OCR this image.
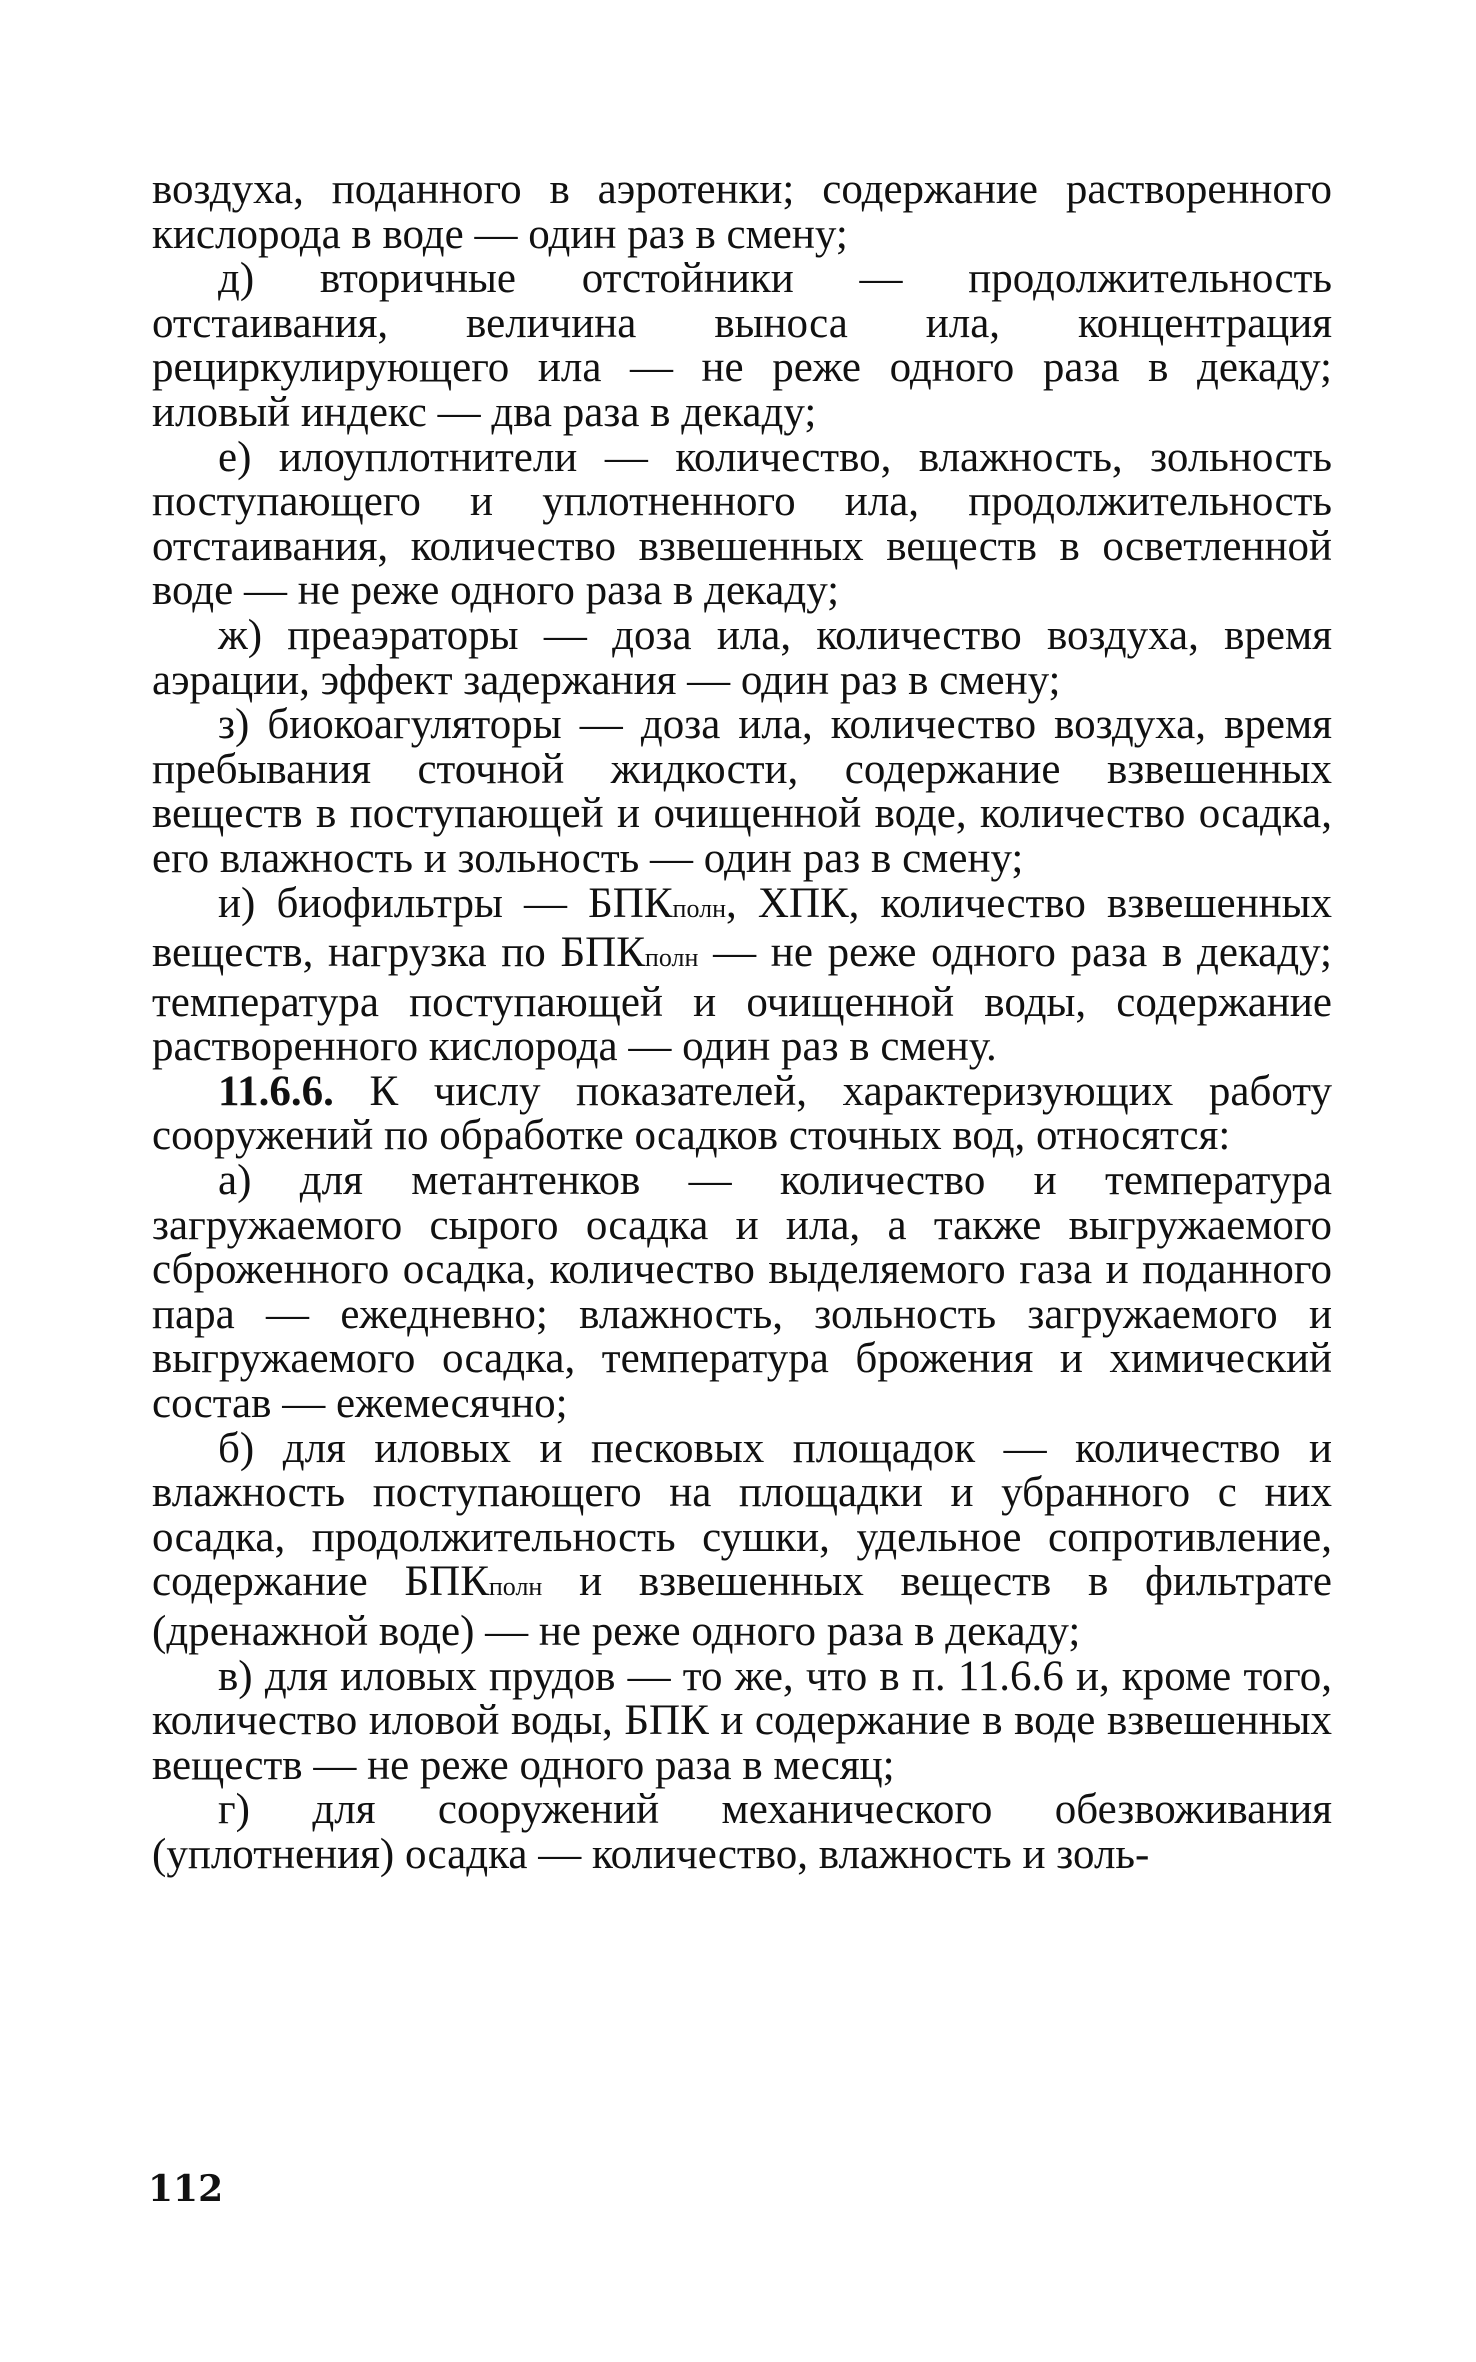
воздуха, поданного в аэротенки; содержание растворенного кислорода в воде — один раз в смену;

д) вторичные отстойники — продолжительность отстаивания, величина выноса ила, концентрация рециркулирующего ила — не реже одного раза в декаду; иловый индекс — два раза в декаду;

е) илоуплотнители — количество, влажность, зольность поступающего и уплотненного ила, продолжительность отстаивания, количество взвешенных веществ в осветленной воде — не реже одного раза в декаду;

ж) преаэраторы — доза ила, количество воздуха, время аэрации, эффект задержания — один раз в смену;

з) биокоагуляторы — доза ила, количество воздуха, время пребывания сточной жидкости, содержание взвешенных веществ в поступающей и очищенной воде, количество осадка, его влажность и зольность — один раз в смену;

и) биофильтры — БПКполн, ХПК, количество взвешенных веществ, нагрузка по БПКполн — не реже одного раза в декаду; температура поступающей и очищенной воды, содержание растворенного кислорода — один раз в смену.

11.6.6. К числу показателей, характеризующих работу сооружений по обработке осадков сточных вод, относятся:

а) для метантенков — количество и температура загружаемого сырого осадка и ила, а также выгружаемого сброженного осадка, количество выделяемого газа и поданного пара — ежедневно; влажность, зольность загружаемого и выгружаемого осадка, температура брожения и химический состав — ежемесячно;

б) для иловых и песковых площадок — количество и влажность поступающего на площадки и убранного с них осадка, продолжительность сушки, удельное сопротивление, содержание БПКполн и взвешенных веществ в фильтрате (дренажной воде) — не реже одного раза в декаду;

в) для иловых прудов — то же, что в п. 11.6.6 и, кроме того, количество иловой воды, БПК и содержание в воде взвешенных веществ — не реже одного раза в месяц;

г) для сооружений механического обезвоживания (уплотнения) осадка — количество, влажность и золь-

112
